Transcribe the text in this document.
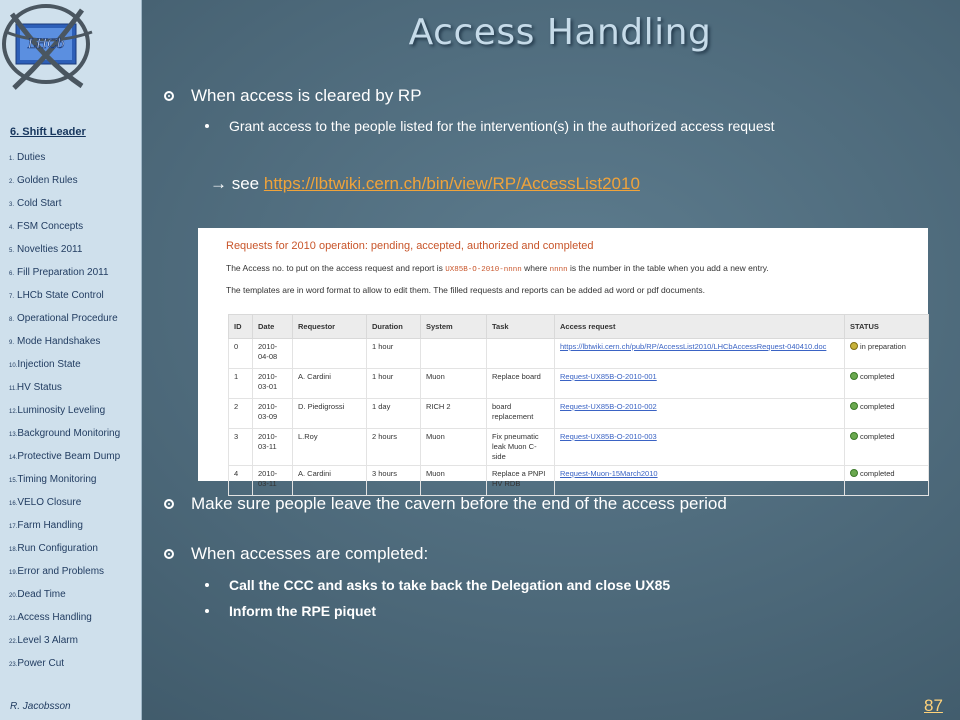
LHCb
6. Shift Leader
1. Duties
2. Golden Rules
3. Cold Start
4. FSM Concepts
5. Novelties 2011
6. Fill Preparation 2011
7. LHCb State Control
8. Operational Procedure
9. Mode Handshakes
10.Injection State
11.HV Status
12.Luminosity Leveling
13.Background Monitoring
14.Protective Beam Dump
15.Timing Monitoring
16.VELO Closure
17.Farm Handling
18.Run Configuration
19.Error and Problems
20.Dead Time
21.Access Handling
22.Level 3 Alarm
23.Power Cut
R. Jacobsson
Access Handling
When access is cleared by RP
Grant access to the people listed for the intervention(s) in the authorized access request
→ see https://lbtwiki.cern.ch/bin/view/RP/AccessList2010
Requests for 2010 operation: pending, accepted, authorized and completed
The Access no. to put on the access request and report is UX85B-O-2010-nnnn where nnnn is the number in the table when you add a new entry.
The templates are in word format to allow to edit them. The filled requests and reports can be added ad word or pdf documents.
ID	Date	Requestor	Duration	System	Task	Access request	STATUS
0	2010-04-08		1 hour			https://lbtwiki.cern.ch/pub/RP/AccessList2010/LHCbAccessRequest-040410.doc	in preparation
1	2010-03-01	A. Cardini	1 hour	Muon	Replace board	Request-UX85B-O-2010-001	completed
2	2010-03-09	D. Piedigrossi	1 day	RICH 2	board replacement	Request-UX85B-O-2010-002	completed
3	2010-03-11	L.Roy	2 hours	Muon	Fix pneumatic leak Muon C-side	Request-UX85B-O-2010-003	completed
4	2010-03-11	A. Cardini	3 hours	Muon	Replace a PNPI HV RDB	Request-Muon-15March2010	completed
Make sure people leave the cavern before the end of the access period
When accesses are completed:
Call the CCC and asks to take back the Delegation and close UX85
Inform the RPE piquet
87
